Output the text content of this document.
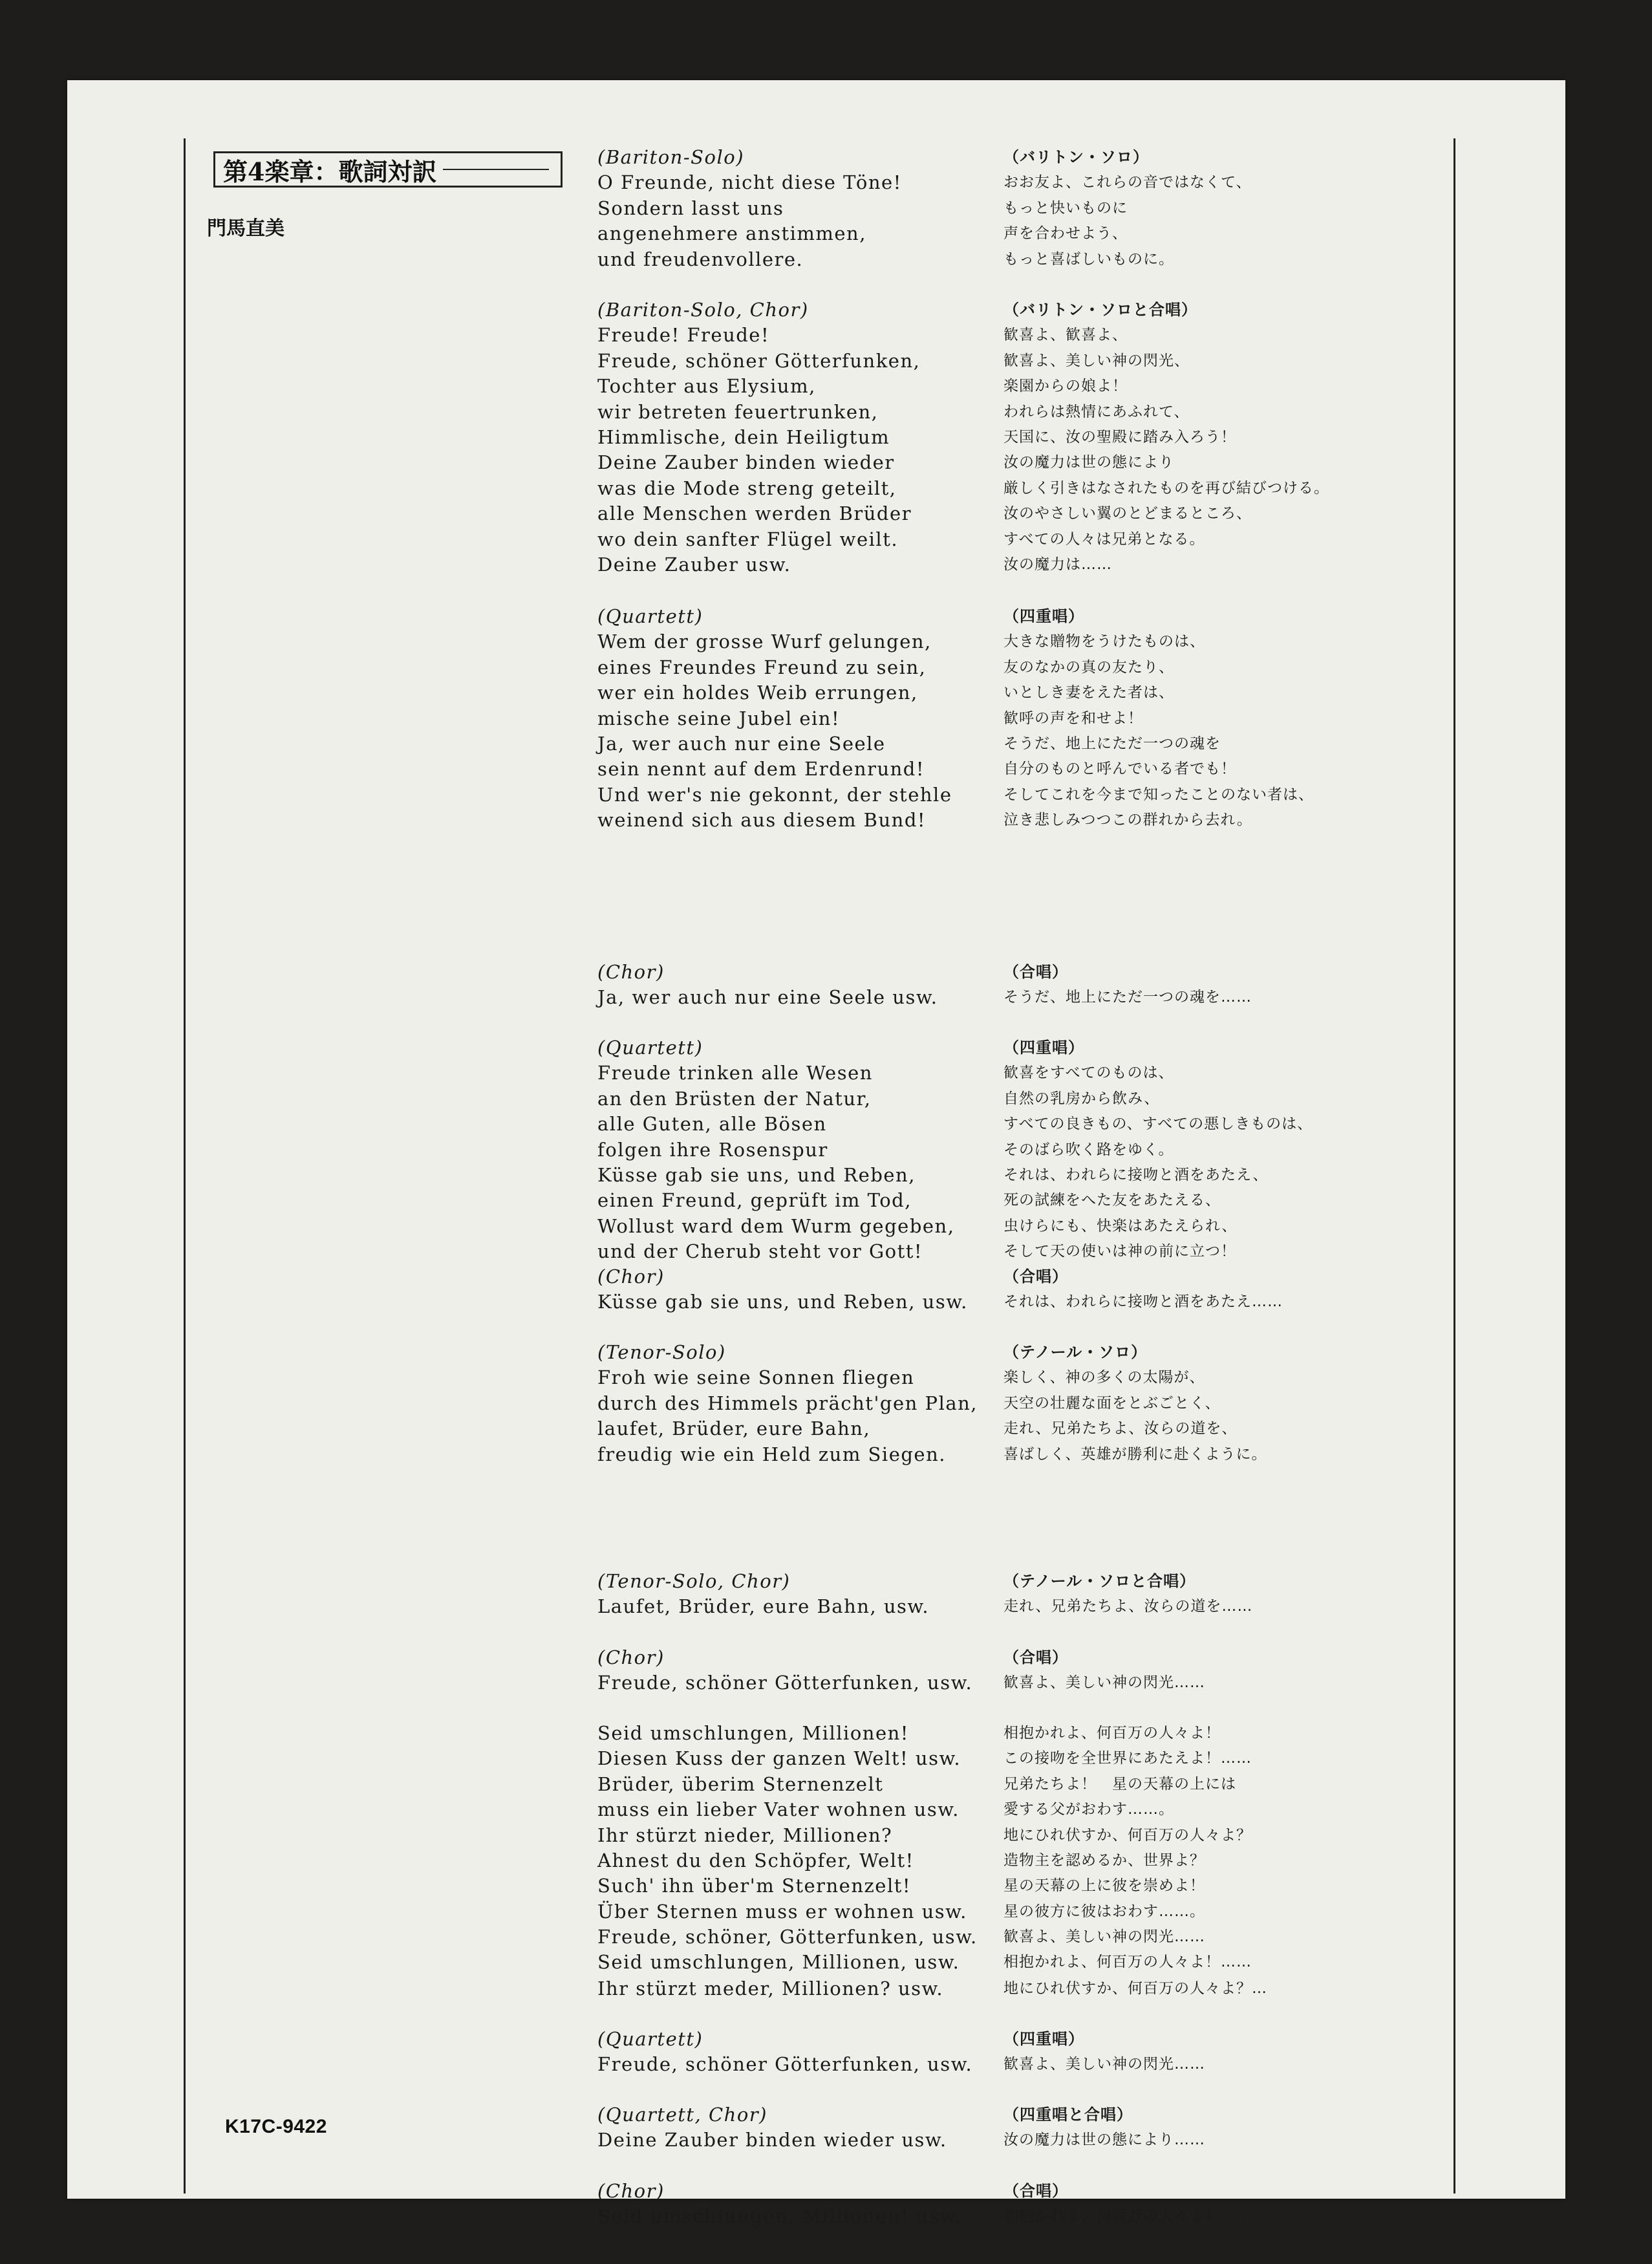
第4楽章：歌詞対訳
門馬直美
K17C-9422
(Bariton-Solo)
O Freunde, nicht diese Töne!
Sondern lasst uns
angenehmere anstimmen,
und freudenvollere.
(Bariton-Solo, Chor)
Freude! Freude!
Freude, schöner Götterfunken,
Tochter aus Elysium,
wir betreten feuertrunken,
Himmlische, dein Heiligtum
Deine Zauber binden wieder
was die Mode streng geteilt,
alle Menschen werden Brüder
wo dein sanfter Flügel weilt.
Deine Zauber usw.
(Quartett)
Wem der grosse Wurf gelungen,
eines Freundes Freund zu sein,
wer ein holdes Weib errungen,
mische seine Jubel ein!
Ja, wer auch nur eine Seele
sein nennt auf dem Erdenrund!
Und wer's nie gekonnt, der stehle
weinend sich aus diesem Bund!
(Chor)
Ja, wer auch nur eine Seele usw.
(Quartett)
Freude trinken alle Wesen
an den Brüsten der Natur,
alle Guten, alle Bösen
folgen ihre Rosenspur
Küsse gab sie uns, und Reben,
einen Freund, geprüft im Tod,
Wollust ward dem Wurm gegeben,
und der Cherub steht vor Gott!
(Chor)
Küsse gab sie uns, und Reben, usw.
(Tenor-Solo)
Froh wie seine Sonnen fliegen
durch des Himmels prächt'gen Plan,
laufet, Brüder, eure Bahn,
freudig wie ein Held zum Siegen.
(Tenor-Solo, Chor)
Laufet, Brüder, eure Bahn, usw.
(Chor)
Freude, schöner Götterfunken, usw.
Seid umschlungen, Millionen!
Diesen Kuss der ganzen Welt! usw.
Brüder, überim Sternenzelt
muss ein lieber Vater wohnen usw.
Ihr stürzt nieder, Millionen?
Ahnest du den Schöpfer, Welt!
Such' ihn über'm Sternenzelt!
Über Sternen muss er wohnen usw.
Freude, schöner, Götterfunken, usw.
Seid umschlungen, Millionen, usw.
Ihr stürzt meder, Millionen? usw.
(Quartett)
Freude, schöner Götterfunken, usw.
(Quartett, Chor)
Deine Zauber binden wieder usw.
(Chor)
Seid umschlungen, Millionen! usw.
（バリトン・ソロ）
おお友よ、これらの音ではなくて、
もっと快いものに
声を合わせよう、
もっと喜ばしいものに。
（バリトン・ソロと合唱）
歓喜よ、歓喜よ、
歓喜よ、美しい神の閃光、
楽園からの娘よ！
われらは熱情にあふれて、
天国に、汝の聖殿に踏み入ろう！
汝の魔力は世の態により
厳しく引きはなされたものを再び結びつける。
汝のやさしい翼のとどまるところ、
すべての人々は兄弟となる。
汝の魔力は……
（四重唱）
大きな贈物をうけたものは、
友のなかの真の友たり、
いとしき妻をえた者は、
歓呼の声を和せよ！
そうだ、地上にただ一つの魂を
自分のものと呼んでいる者でも！
そしてこれを今まで知ったことのない者は、
泣き悲しみつつこの群れから去れ。
（合唱）
そうだ、地上にただ一つの魂を……
（四重唱）
歓喜をすべてのものは、
自然の乳房から飲み、
すべての良きもの、すべての悪しきものは、
そのばら吹く路をゆく。
それは、われらに接吻と酒をあたえ、
死の試練をへた友をあたえる、
虫けらにも、快楽はあたえられ、
そして天の使いは神の前に立つ！
（合唱）
それは、われらに接吻と酒をあたえ……
（テノール・ソロ）
楽しく、神の多くの太陽が、
天空の壮麗な面をとぶごとく、
走れ、兄弟たちよ、汝らの道を、
喜ばしく、英雄が勝利に赴くように。
（テノール・ソロと合唱）
走れ、兄弟たちよ、汝らの道を……
（合唱）
歓喜よ、美しい神の閃光……
相抱かれよ、何百万の人々よ！
この接吻を全世界にあたえよ！……
兄弟たちよ！　星の天幕の上には
愛する父がおわす……。
地にひれ伏すか、何百万の人々よ？
造物主を認めるか、世界よ？
星の天幕の上に彼を崇めよ！
星の彼方に彼はおわす……。
歓喜よ、美しい神の閃光……
相抱かれよ、何百万の人々よ！……
地にひれ伏すか、何百万の人々よ？…
（四重唱）
歓喜よ、美しい神の閃光……
（四重唱と合唱）
汝の魔力は世の態により……
（合唱）
相抱かれよ、何百万の人々よ！……
